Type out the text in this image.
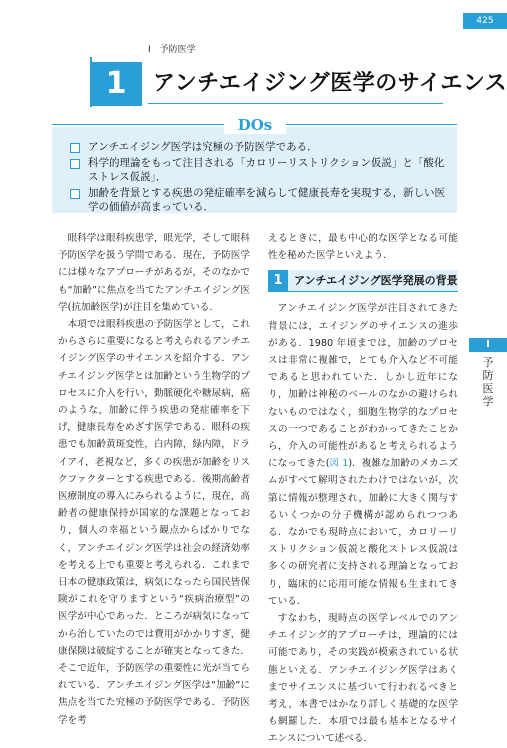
425
I　予防医学
1	アンチエイジング医学のサイエンス
DOs
アンチエイジング医学は究極の予防医学である．
科学的理論をもって注目される「カロリーリストリクション仮説」と「酸化ストレス仮説」．
加齢を背景とする疾患の発症確率を減らして健康長寿を実現する，新しい医学の価値が高まっている．

眼科学は眼科疾患学，眼光学，そして眼科予防医学を扱う学問である．現在，予防医学には様々なアプローチがあるが，そのなかでも“加齢”に焦点を当てたアンチエイジング医学(抗加齢医学)が注目を集めている．

本項では眼科疾患の予防医学として，これからさらに重要になると考えられるアンチエイジング医学のサイエンスを紹介する．アンチエイジング医学とは加齢という生物学的プロセスに介入を行い，動脈硬化や糖尿病，癌のような，加齢に伴う疾患の発症確率を下げ，健康長寿をめざす医学である．眼科の疾患でも加齢黄斑変性，白内障，緑内障，ドライアイ，老視など，多くの疾患が加齢をリスクファクターとする疾患である．後期高齢者医療制度の導入にみられるように，現在，高齢者の健康保持が国家的な課題となっており，個人の幸福という観点からばかりでなく，アンチエイジング医学は社会の経済効率を考える上でも重要と考えられる．これまで日本の健康政策は，病気になったら国民皆保険がこれを守りますという“疾病治療型”の医学が中心であった．ところが病気になってから治していたのでは費用がかかりすぎ，健康保険は破綻することが確実となってきた．そこで近年，予防医学の重要性に光が当てられている．アンチエイジング医学は“加齢”に焦点を当てた究極の予防医学である．予防医学を考

えるときに，最も中心的な医学となる可能性を秘めた医学といえよう．

1	アンチエイジング医学発展の背景

アンチエイジング医学が注目されてきた背景には，エイジングのサイエンスの進歩がある．1980 年頃までは，加齢のプロセスは非常に複雑で，とても介入など不可能であると思われていた．しかし近年になり，加齢は神秘のベールのなかの避けられないものではなく，細胞生物学的なプロセスの一つであることがわかってきたことから，介入の可能性があると考えられるようになってきた(図 1)．複雑な加齢のメカニズムがすべて解明されたわけではないが，次第に情報が整理され，加齢に大きく関与するいくつかの分子機構が認められつつある．なかでも現時点において，カロリーリストリクション仮説と酸化ストレス仮説は多くの研究者に支持される理論となっており，臨床的に応用可能な情報も生まれてきている．

すなわち，現時点の医学レベルでのアンチエイジング的アプローチは，理論的には可能であり，その実践が模索されている状態といえる．アンチエイジング医学はあくまでサイエンスに基づいて行われるべきと考え，本書ではかなり詳しく基礎的な医学も網羅した．本項では最も基本となるサイエンスについて述べる．

I
予防医学
